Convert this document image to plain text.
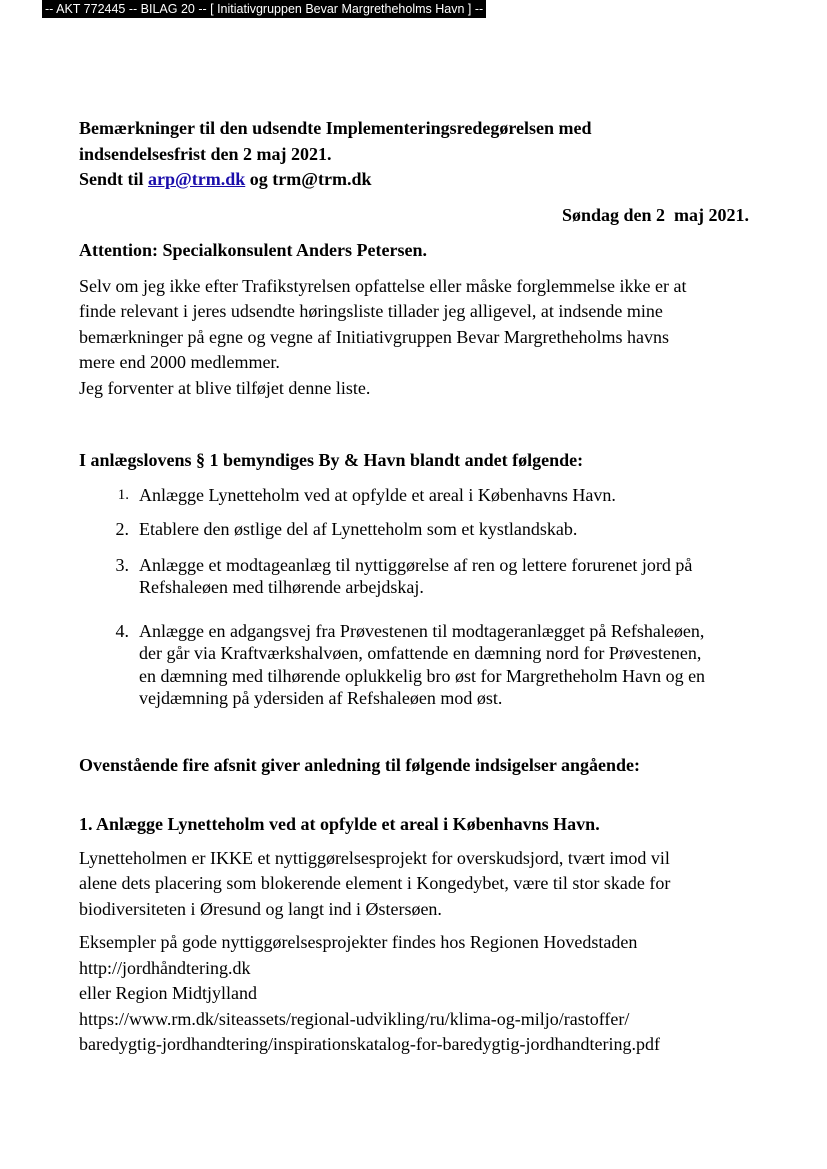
-- AKT 772445 -- BILAG 20 -- [ Initiativgruppen Bevar Margretheholms Havn ] --
Bemærkninger til den udsendte Implementeringsredegørelsen med
indsendelsesfrist den 2 maj 2021.
Sendt til arp@trm.dk og trm@trm.dk
Søndag den 2  maj 2021.
Attention: Specialkonsulent Anders Petersen.
Selv om jeg ikke efter Trafikstyrelsen opfattelse eller måske forglemmelse ikke er at
finde relevant i jeres udsendte høringsliste tillader jeg alligevel, at indsende mine
bemærkninger på egne og vegne af Initiativgruppen Bevar Margretheholms havns
mere end 2000 medlemmer.
Jeg forventer at blive tilføjet denne liste.
I anlægslovens § 1 bemyndiges By & Havn blandt andet følgende:
1. Anlægge Lynetteholm ved at opfylde et areal i Københavns Havn.
2. Etablere den østlige del af Lynetteholm som et kystlandskab.
3. Anlægge et modtageanlæg til nyttiggørelse af ren og lettere forurenet jord på
Refshaleøen med tilhørende arbejdskaj.
4. Anlægge en adgangsvej fra Prøvestenen til modtageranlægget på Refshaleøen,
der går via Kraftværkshalvøen, omfattende en dæmning nord for Prøvestenen,
en dæmning med tilhørende oplukkelig bro øst for Margretheholm Havn og en
vejdæmning på ydersiden af Refshaleøen mod øst.
Ovenstående fire afsnit giver anledning til følgende indsigelser angående:
1. Anlægge Lynetteholm ved at opfylde et areal i Københavns Havn.
Lynetteholmen er IKKE et nyttiggørelsesprojekt for overskudsjord, tvært imod vil
alene dets placering som blokerende element i Kongedybet, være til stor skade for
biodiversiteten i Øresund og langt ind i Østersøen.
Eksempler på gode nyttiggørelsesprojekter findes hos Regionen Hovedstaden
http://jordhåndtering.dk
eller Region Midtjylland
https://www.rm.dk/siteassets/regional-udvikling/ru/klima-og-miljo/rastoffer/
baredygtig-jordhandtering/inspirationskatalog-for-baredygtig-jordhandtering.pdf
